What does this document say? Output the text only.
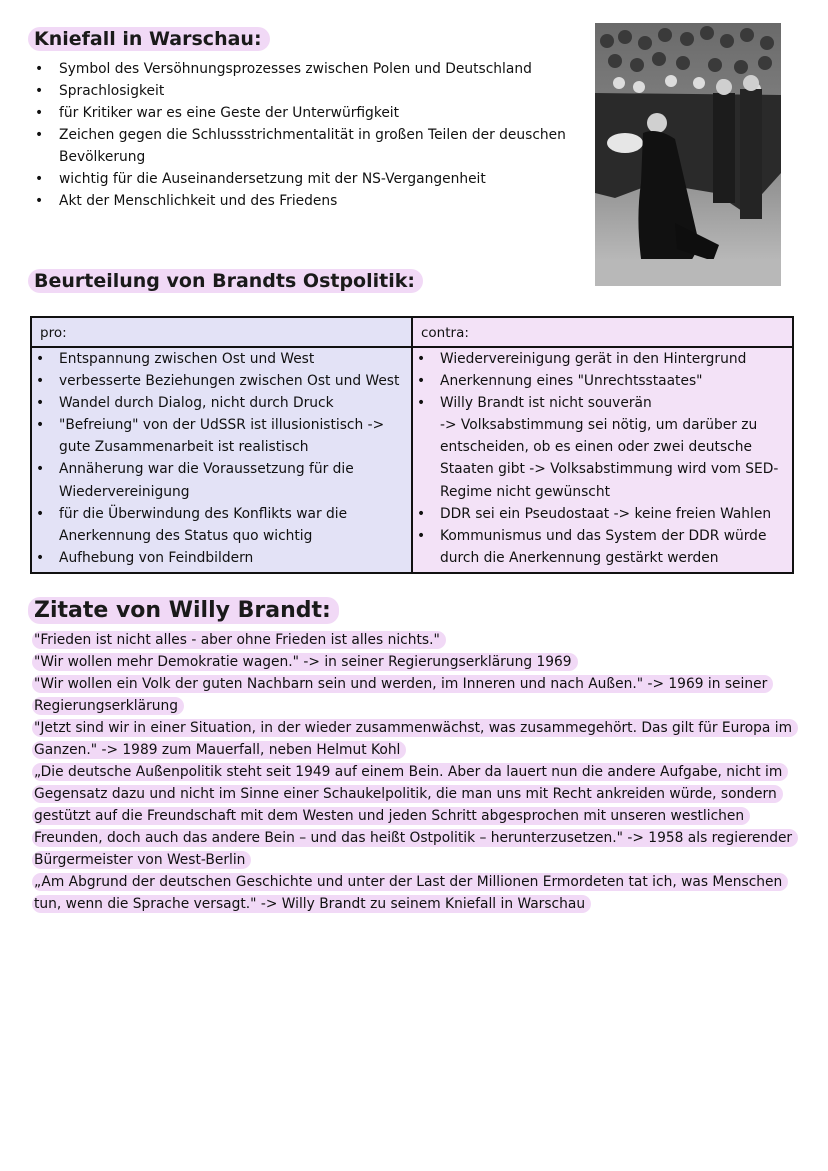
Kniefall in Warschau:
• Symbol des Versöhnungsprozesses zwischen Polen und Deutschland
• Sprachlosigkeit
• für Kritiker war es eine Geste der Unterwürfigkeit
• Zeichen gegen die Schlussstrichmentalität in großen Teilen der deuschen Bevölkerung
• wichtig für die Auseinandersetzung mit der NS-Vergangenheit
• Akt der Menschlichkeit und des Friedens
Beurteilung von Brandts Ostpolitik:
pro:
• Entspannung zwischen Ost und West
• verbesserte Beziehungen zwischen Ost und West
• Wandel durch Dialog, nicht durch Druck
• "Befreiung" von der UdSSR ist illusionistisch -> gute Zusammenarbeit ist realistisch
• Annäherung war die Voraussetzung für die Wiedervereinigung
• für die Überwindung des Konflikts war die Anerkennung des Status quo wichtig
• Aufhebung von Feindbildern
contra:
• Wiedervereinigung gerät in den Hintergrund
• Anerkennung eines "Unrechtsstaates"
• Willy Brandt ist nicht souverän
-> Volksabstimmung sei nötig, um darüber zu entscheiden, ob es einen oder zwei deutsche Staaten gibt -> Volksabstimmung wird vom SED-Regime nicht gewünscht
• DDR sei ein Pseudostaat -> keine freien Wahlen
• Kommunismus und das System der DDR würde durch die Anerkennung gestärkt werden
Zitate von Willy Brandt:

"Frieden ist nicht alles - aber ohne Frieden ist alles nichts."

"Wir wollen mehr Demokratie wagen." -> in seiner Regierungserklärung 1969

"Wir wollen ein Volk der guten Nachbarn sein und werden, im Inneren und nach Außen." -> 1969 in seiner Regierungserklärung

"Jetzt sind wir in einer Situation, in der wieder zusammenwächst, was zusammegehört. Das gilt für Europa im Ganzen." -> 1989 zum Mauerfall, neben Helmut Kohl

„Die deutsche Außenpolitik steht seit 1949 auf einem Bein. Aber da lauert nun die andere Aufgabe, nicht im Gegensatz dazu und nicht im Sinne einer Schaukelpolitik, die man uns mit Recht ankreiden würde, sondern gestützt auf die Freundschaft mit dem Westen und jeden Schritt abgesprochen mit unseren westlichen Freunden, doch auch das andere Bein – und das heißt Ostpolitik – herunterzusetzen." -> 1958 als regierender Bürgermeister von West-Berlin

„Am Abgrund der deutschen Geschichte und unter der Last der Millionen Ermordeten tat ich, was Menschen tun, wenn die Sprache versagt." -> Willy Brandt zu seinem Kniefall in Warschau
